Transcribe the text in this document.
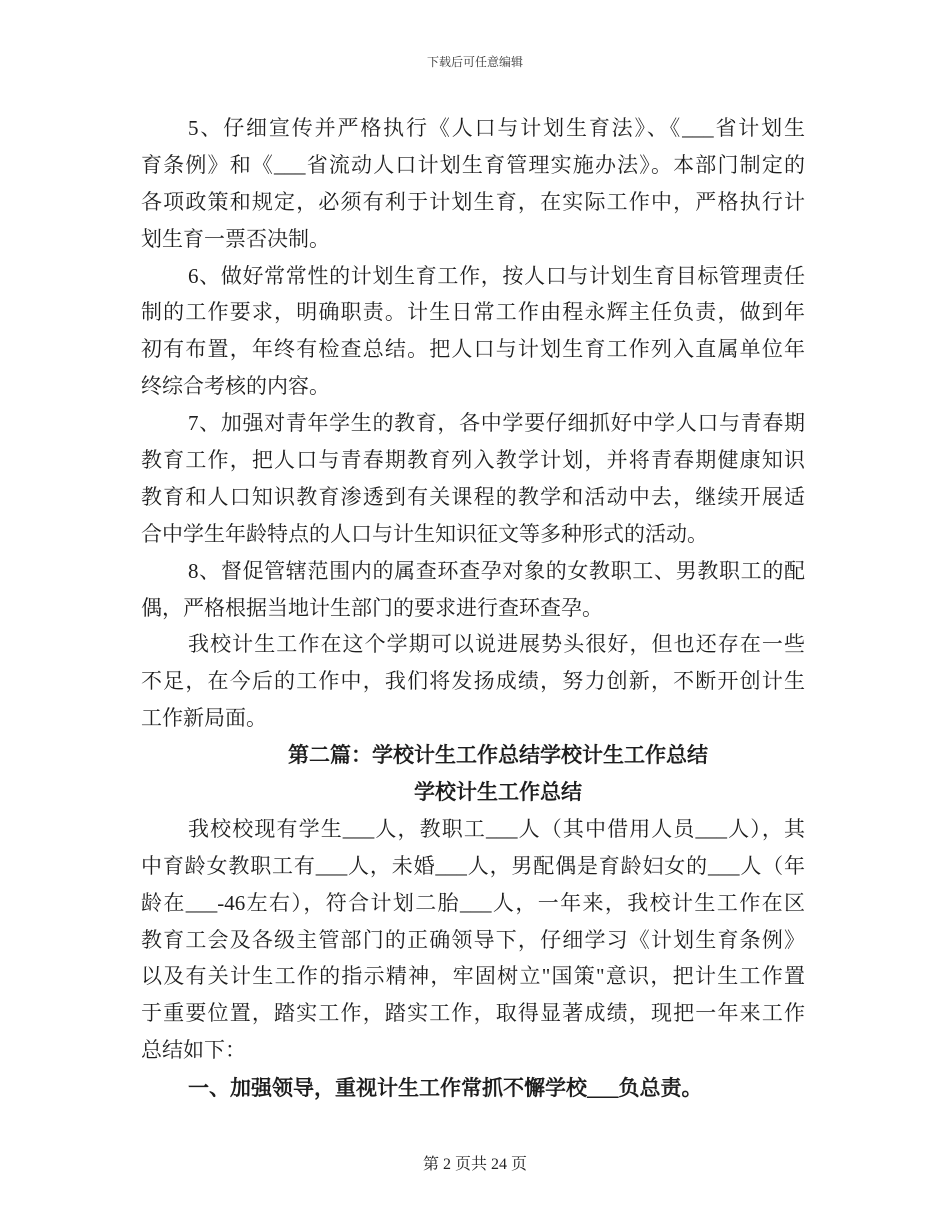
下载后可任意编辑
5、仔细宣传并严格执行《人口与计划生育法》、《___省计划生
育条例》和《___省流动人口计划生育管理实施办法》。本部门制定的
各项政策和规定，必须有利于计划生育，在实际工作中，严格执行计
划生育一票否决制。
6、做好常常性的计划生育工作，按人口与计划生育目标管理责任
制的工作要求，明确职责。计生日常工作由程永辉主任负责，做到年
初有布置，年终有检查总结。把人口与计划生育工作列入直属单位年
终综合考核的内容。
7、加强对青年学生的教育，各中学要仔细抓好中学人口与青春期
教育工作，把人口与青春期教育列入教学计划，并将青春期健康知识
教育和人口知识教育渗透到有关课程的教学和活动中去，继续开展适
合中学生年龄特点的人口与计生知识征文等多种形式的活动。
8、督促管辖范围内的属查环查孕对象的女教职工、男教职工的配
偶，严格根据当地计生部门的要求进行查环查孕。
我校计生工作在这个学期可以说进展势头很好，但也还存在一些
不足，在今后的工作中，我们将发扬成绩，努力创新，不断开创计生
工作新局面。
第二篇：学校计生工作总结学校计生工作总结
学校计生工作总结
我校校现有学生___人，教职工___人（其中借用人员___人），其
中育龄女教职工有___人，未婚___人，男配偶是育龄妇女的___人（年
龄在___-46左右），符合计划二胎___人，一年来，我校计生工作在区
教育工会及各级主管部门的正确领导下，仔细学习《计划生育条例》
以及有关计生工作的指示精神，牢固树立"国策"意识，把计生工作置
于重要位置，踏实工作，踏实工作，取得显著成绩，现把一年来工作
总结如下：
一、加强领导，重视计生工作常抓不懈学校___负总责。
第 2 页共 24 页
